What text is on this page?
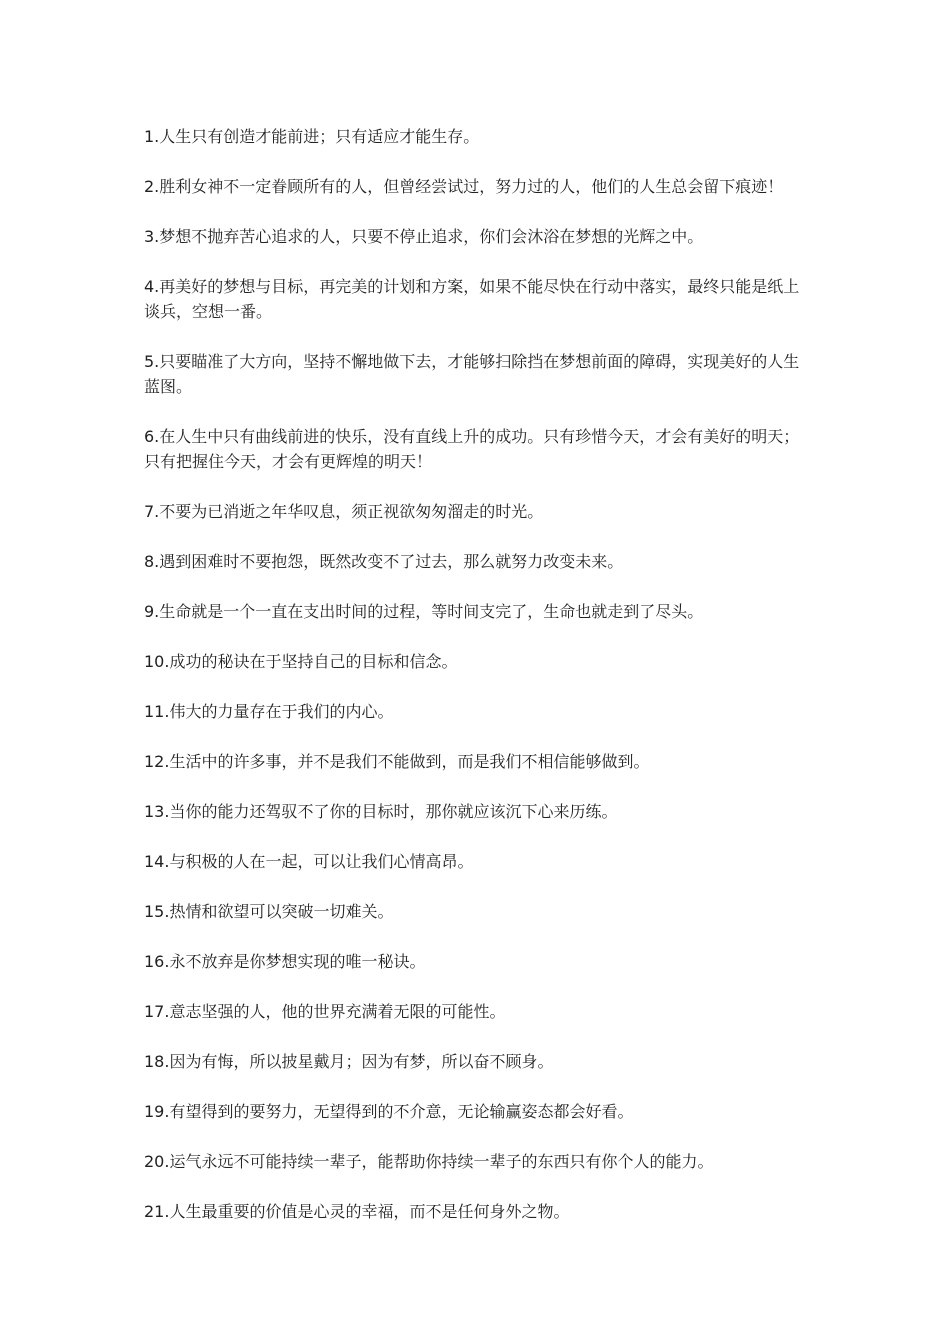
1.人生只有创造才能前进；只有适应才能生存。

2.胜利女神不一定眷顾所有的人，但曾经尝试过，努力过的人，他们的人生总会留下痕迹！

3.梦想不抛弃苦心追求的人，只要不停止追求，你们会沐浴在梦想的光辉之中。

4.再美好的梦想与目标，再完美的计划和方案，如果不能尽快在行动中落实，最终只能是纸上谈兵，空想一番。

5.只要瞄准了大方向，坚持不懈地做下去，才能够扫除挡在梦想前面的障碍，实现美好的人生蓝图。

6.在人生中只有曲线前进的快乐，没有直线上升的成功。只有珍惜今天，才会有美好的明天；只有把握住今天，才会有更辉煌的明天！

7.不要为已消逝之年华叹息，须正视欲匆匆溜走的时光。

8.遇到困难时不要抱怨，既然改变不了过去，那么就努力改变未来。

9.生命就是一个一直在支出时间的过程，等时间支完了，生命也就走到了尽头。

10.成功的秘诀在于坚持自己的目标和信念。

11.伟大的力量存在于我们的内心。

12.生活中的许多事，并不是我们不能做到，而是我们不相信能够做到。

13.当你的能力还驾驭不了你的目标时，那你就应该沉下心来历练。

14.与积极的人在一起，可以让我们心情高昂。

15.热情和欲望可以突破一切难关。

16.永不放弃是你梦想实现的唯一秘诀。

17.意志坚强的人，他的世界充满着无限的可能性。

18.因为有悔，所以披星戴月；因为有梦，所以奋不顾身。

19.有望得到的要努力，无望得到的不介意，无论输赢姿态都会好看。

20.运气永远不可能持续一辈子，能帮助你持续一辈子的东西只有你个人的能力。

21.人生最重要的价值是心灵的幸福，而不是任何身外之物。
